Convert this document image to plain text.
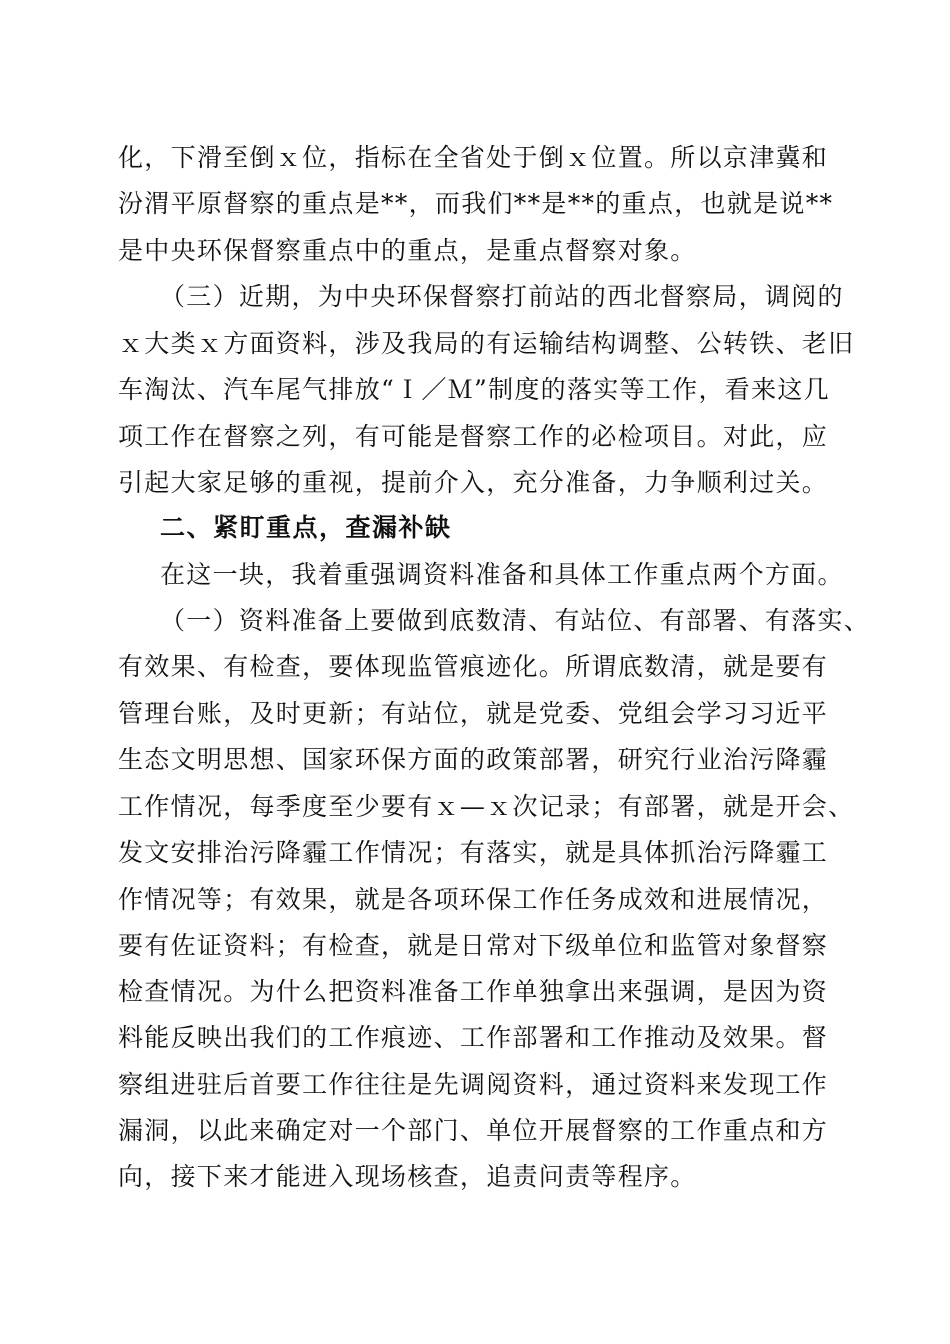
化，下滑至倒ｘ位，指标在全省处于倒ｘ位置。所以京津冀和
汾渭平原督察的重点是**，而我们**是**的重点，也就是说**
是中央环保督察重点中的重点，是重点督察对象。
（三）近期，为中央环保督察打前站的西北督察局，调阅的
ｘ大类ｘ方面资料，涉及我局的有运输结构调整、公转铁、老旧
车淘汰、汽车尾气排放“Ｉ／Ｍ”制度的落实等工作，看来这几
项工作在督察之列，有可能是督察工作的必检项目。对此，应
引起大家足够的重视，提前介入，充分准备，力争顺利过关。
二、紧盯重点，查漏补缺
在这一块，我着重强调资料准备和具体工作重点两个方面。
（一）资料准备上要做到底数清、有站位、有部署、有落实、
有效果、有检查，要体现监管痕迹化。所谓底数清，就是要有
管理台账，及时更新；有站位，就是党委、党组会学习习近平
生态文明思想、国家环保方面的政策部署，研究行业治污降霾
工作情况，每季度至少要有ｘ—ｘ次记录；有部署，就是开会、
发文安排治污降霾工作情况；有落实，就是具体抓治污降霾工
作情况等；有效果，就是各项环保工作任务成效和进展情况，
要有佐证资料；有检查，就是日常对下级单位和监管对象督察
检查情况。为什么把资料准备工作单独拿出来强调，是因为资
料能反映出我们的工作痕迹、工作部署和工作推动及效果。督
察组进驻后首要工作往往是先调阅资料，通过资料来发现工作
漏洞，以此来确定对一个部门、单位开展督察的工作重点和方
向，接下来才能进入现场核查，追责问责等程序。
